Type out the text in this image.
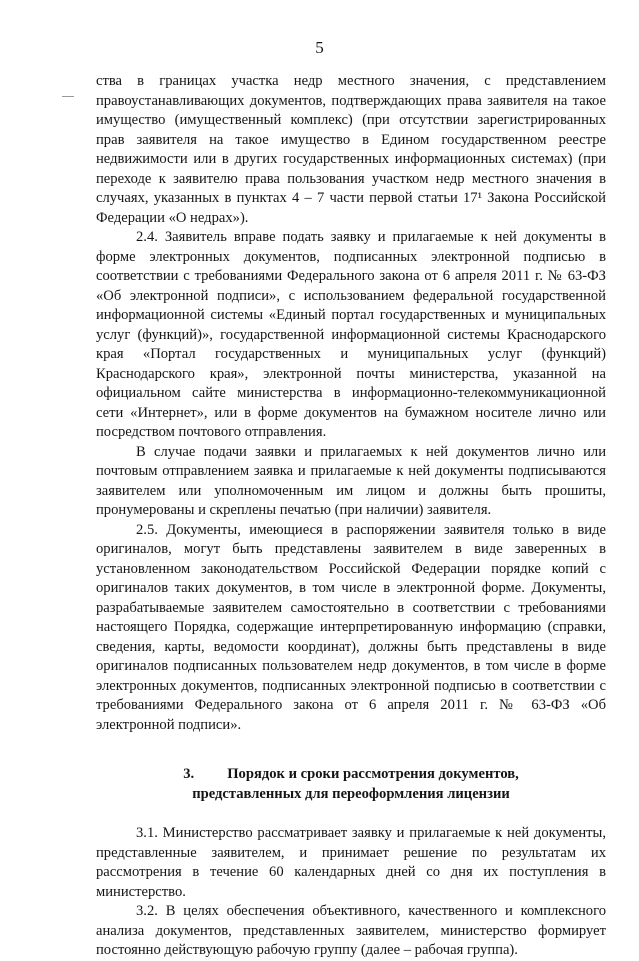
5

ства в границах участка недр местного значения, с представлением правоустанавливающих документов, подтверждающих права заявителя на такое имущество (имущественный комплекс) (при отсутствии зарегистрированных прав заявителя на такое имущество в Едином государственном реестре недвижимости или в других государственных информационных системах) (при переходе к заявителю права пользования участком недр местного значения в случаях, указанных в пунктах 4 – 7 части первой статьи 17¹ Закона Российской Федерации «О недрах»).

2.4. Заявитель вправе подать заявку и прилагаемые к ней документы в форме электронных документов, подписанных электронной подписью в соответствии с требованиями Федерального закона от 6 апреля 2011 г. № 63-ФЗ «Об электронной подписи», с использованием федеральной государственной информационной системы «Единый портал государственных и муниципальных услуг (функций)», государственной информационной системы Краснодарского края «Портал государственных и муниципальных услуг (функций) Краснодарского края», электронной почты министерства, указанной на официальном сайте министерства в информационно-телекоммуникационной сети «Интернет», или в форме документов на бумажном носителе лично или посредством почтового отправления.

В случае подачи заявки и прилагаемых к ней документов лично или почтовым отправлением заявка и прилагаемые к ней документы подписываются заявителем или уполномоченным им лицом и должны быть прошиты, пронумерованы и скреплены печатью (при наличии) заявителя.

2.5. Документы, имеющиеся в распоряжении заявителя только в виде оригиналов, могут быть представлены заявителем в виде заверенных в установленном законодательством Российской Федерации порядке копий с оригиналов таких документов, в том числе в электронной форме. Документы, разрабатываемые заявителем самостоятельно в соответствии с требованиями настоящего Порядка, содержащие интерпретированную информацию (справки, сведения, карты, ведомости координат), должны быть представлены в виде оригиналов подписанных пользователем недр документов, в том числе в форме электронных документов, подписанных электронной подписью в соответствии с требованиями Федерального закона от 6 апреля 2011 г. № 63-ФЗ «Об электронной подписи».

3. Порядок и сроки рассмотрения документов,
представленных для переоформления лицензии

3.1. Министерство рассматривает заявку и прилагаемые к ней документы, представленные заявителем, и принимает решение по результатам их рассмотрения в течение 60 календарных дней со дня их поступления в министерство.

3.2. В целях обеспечения объективного, качественного и комплексного анализа документов, представленных заявителем, министерство формирует постоянно действующую рабочую группу (далее – рабочая группа).
